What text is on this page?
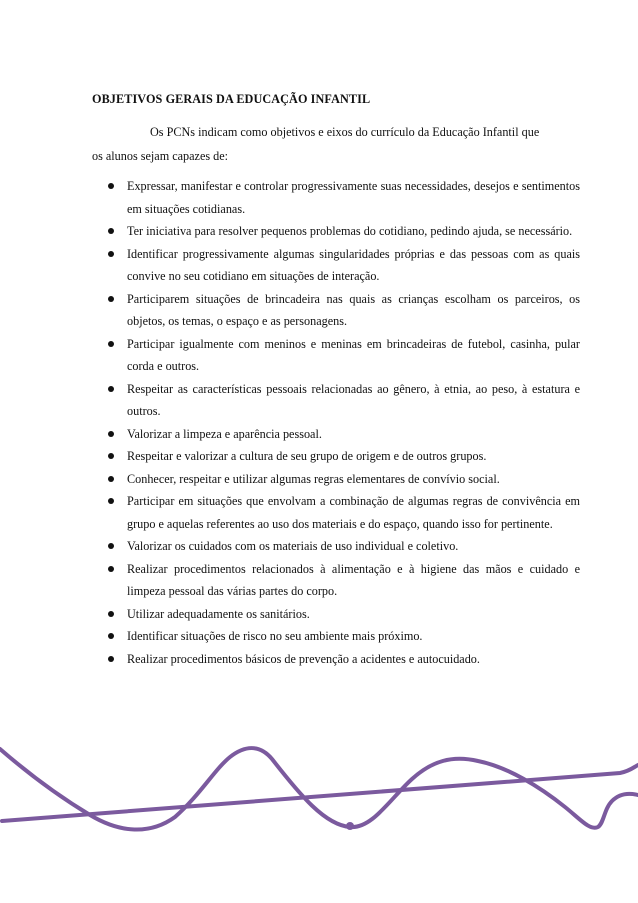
OBJETIVOS GERAIS DA EDUCAÇÃO INFANTIL
Os PCNs indicam como objetivos e eixos do currículo da Educação Infantil que
os alunos sejam capazes de:
Expressar, manifestar e controlar progressivamente suas necessidades, desejos e sentimentos em situações cotidianas.
Ter iniciativa para resolver pequenos problemas do cotidiano, pedindo ajuda, se necessário.
Identificar progressivamente algumas singularidades próprias e das pessoas com as quais convive no seu cotidiano em situações de interação.
Participarem situações de brincadeira nas quais as crianças escolham os parceiros, os objetos, os temas, o espaço e as personagens.
Participar igualmente com meninos e meninas em brincadeiras de futebol, casinha, pular corda e outros.
Respeitar as características pessoais relacionadas ao gênero, à etnia, ao peso, à estatura e outros.
Valorizar a limpeza e aparência pessoal.
Respeitar e valorizar a cultura de seu grupo de origem e de outros grupos.
Conhecer, respeitar e utilizar algumas regras elementares de convívio social.
Participar em situações que envolvam a combinação de algumas regras de convivência em grupo e aquelas referentes ao uso dos materiais e do espaço, quando isso for pertinente.
Valorizar os cuidados com os materiais de uso individual e coletivo.
Realizar procedimentos relacionados à alimentação e à higiene das mãos e cuidado e limpeza pessoal das várias partes do corpo.
Utilizar adequadamente os sanitários.
Identificar situações de risco no seu ambiente mais próximo.
Realizar procedimentos básicos de prevenção a acidentes e autocuidado.
